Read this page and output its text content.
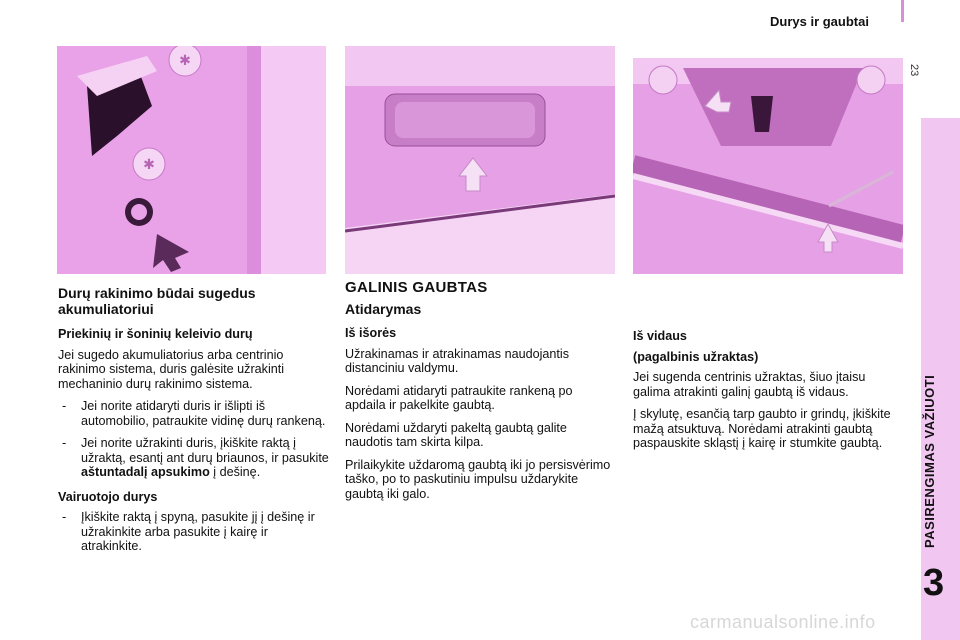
Durys ir gaubtai
23
PASIRENGIMAS VAŽIUOTI
3
✱
✱
Durų rakinimo būdai sugedus akumuliatoriui
Priekinių ir šoninių keleivio durų

Jei sugedo akumuliatorius arba centrinio rakinimo sistema, duris galėsite užrakinti mechaninio durų rakinimo sistema.

- Jei norite atidaryti duris ir išlipti iš automobilio, patraukite vidinę durų rankeną.
- Jei norite užrakinti duris, įkiškite raktą į užraktą, esantį ant durų briaunos, ir pasukite aštuntadalį apsukimo į dešinę.
Vairuotojo durys
- Įkiškite raktą į spyną, pasukite jį į dešinę ir užrakinkite arba pasukite į kairę ir atrakinkite.
GALINIS GAUBTAS
Atidarymas
Iš išorės

Užrakinamas ir atrakinamas naudojantis distanciniu valdymu.

Norėdami atidaryti patraukite rankeną po apdaila ir pakelkite gaubtą.

Norėdami uždaryti pakeltą gaubtą galite naudotis tam skirta kilpa.

Prilaikykite uždaromą gaubtą iki jo persisvėrimo taško, po to paskutiniu impulsu uždarykite gaubtą iki galo.

Iš vidaus
(pagalbinis užraktas)

Jei sugenda centrinis užraktas, šiuo įtaisu galima atrakinti galinį gaubtą iš vidaus.

Į skylutę, esančią tarp gaubto ir grindų, įkiškite mažą atsuktuvą. Norėdami atrakinti gaubtą paspauskite skląstį į kairę ir stumkite gaubtą.

carmanualsonline.info
